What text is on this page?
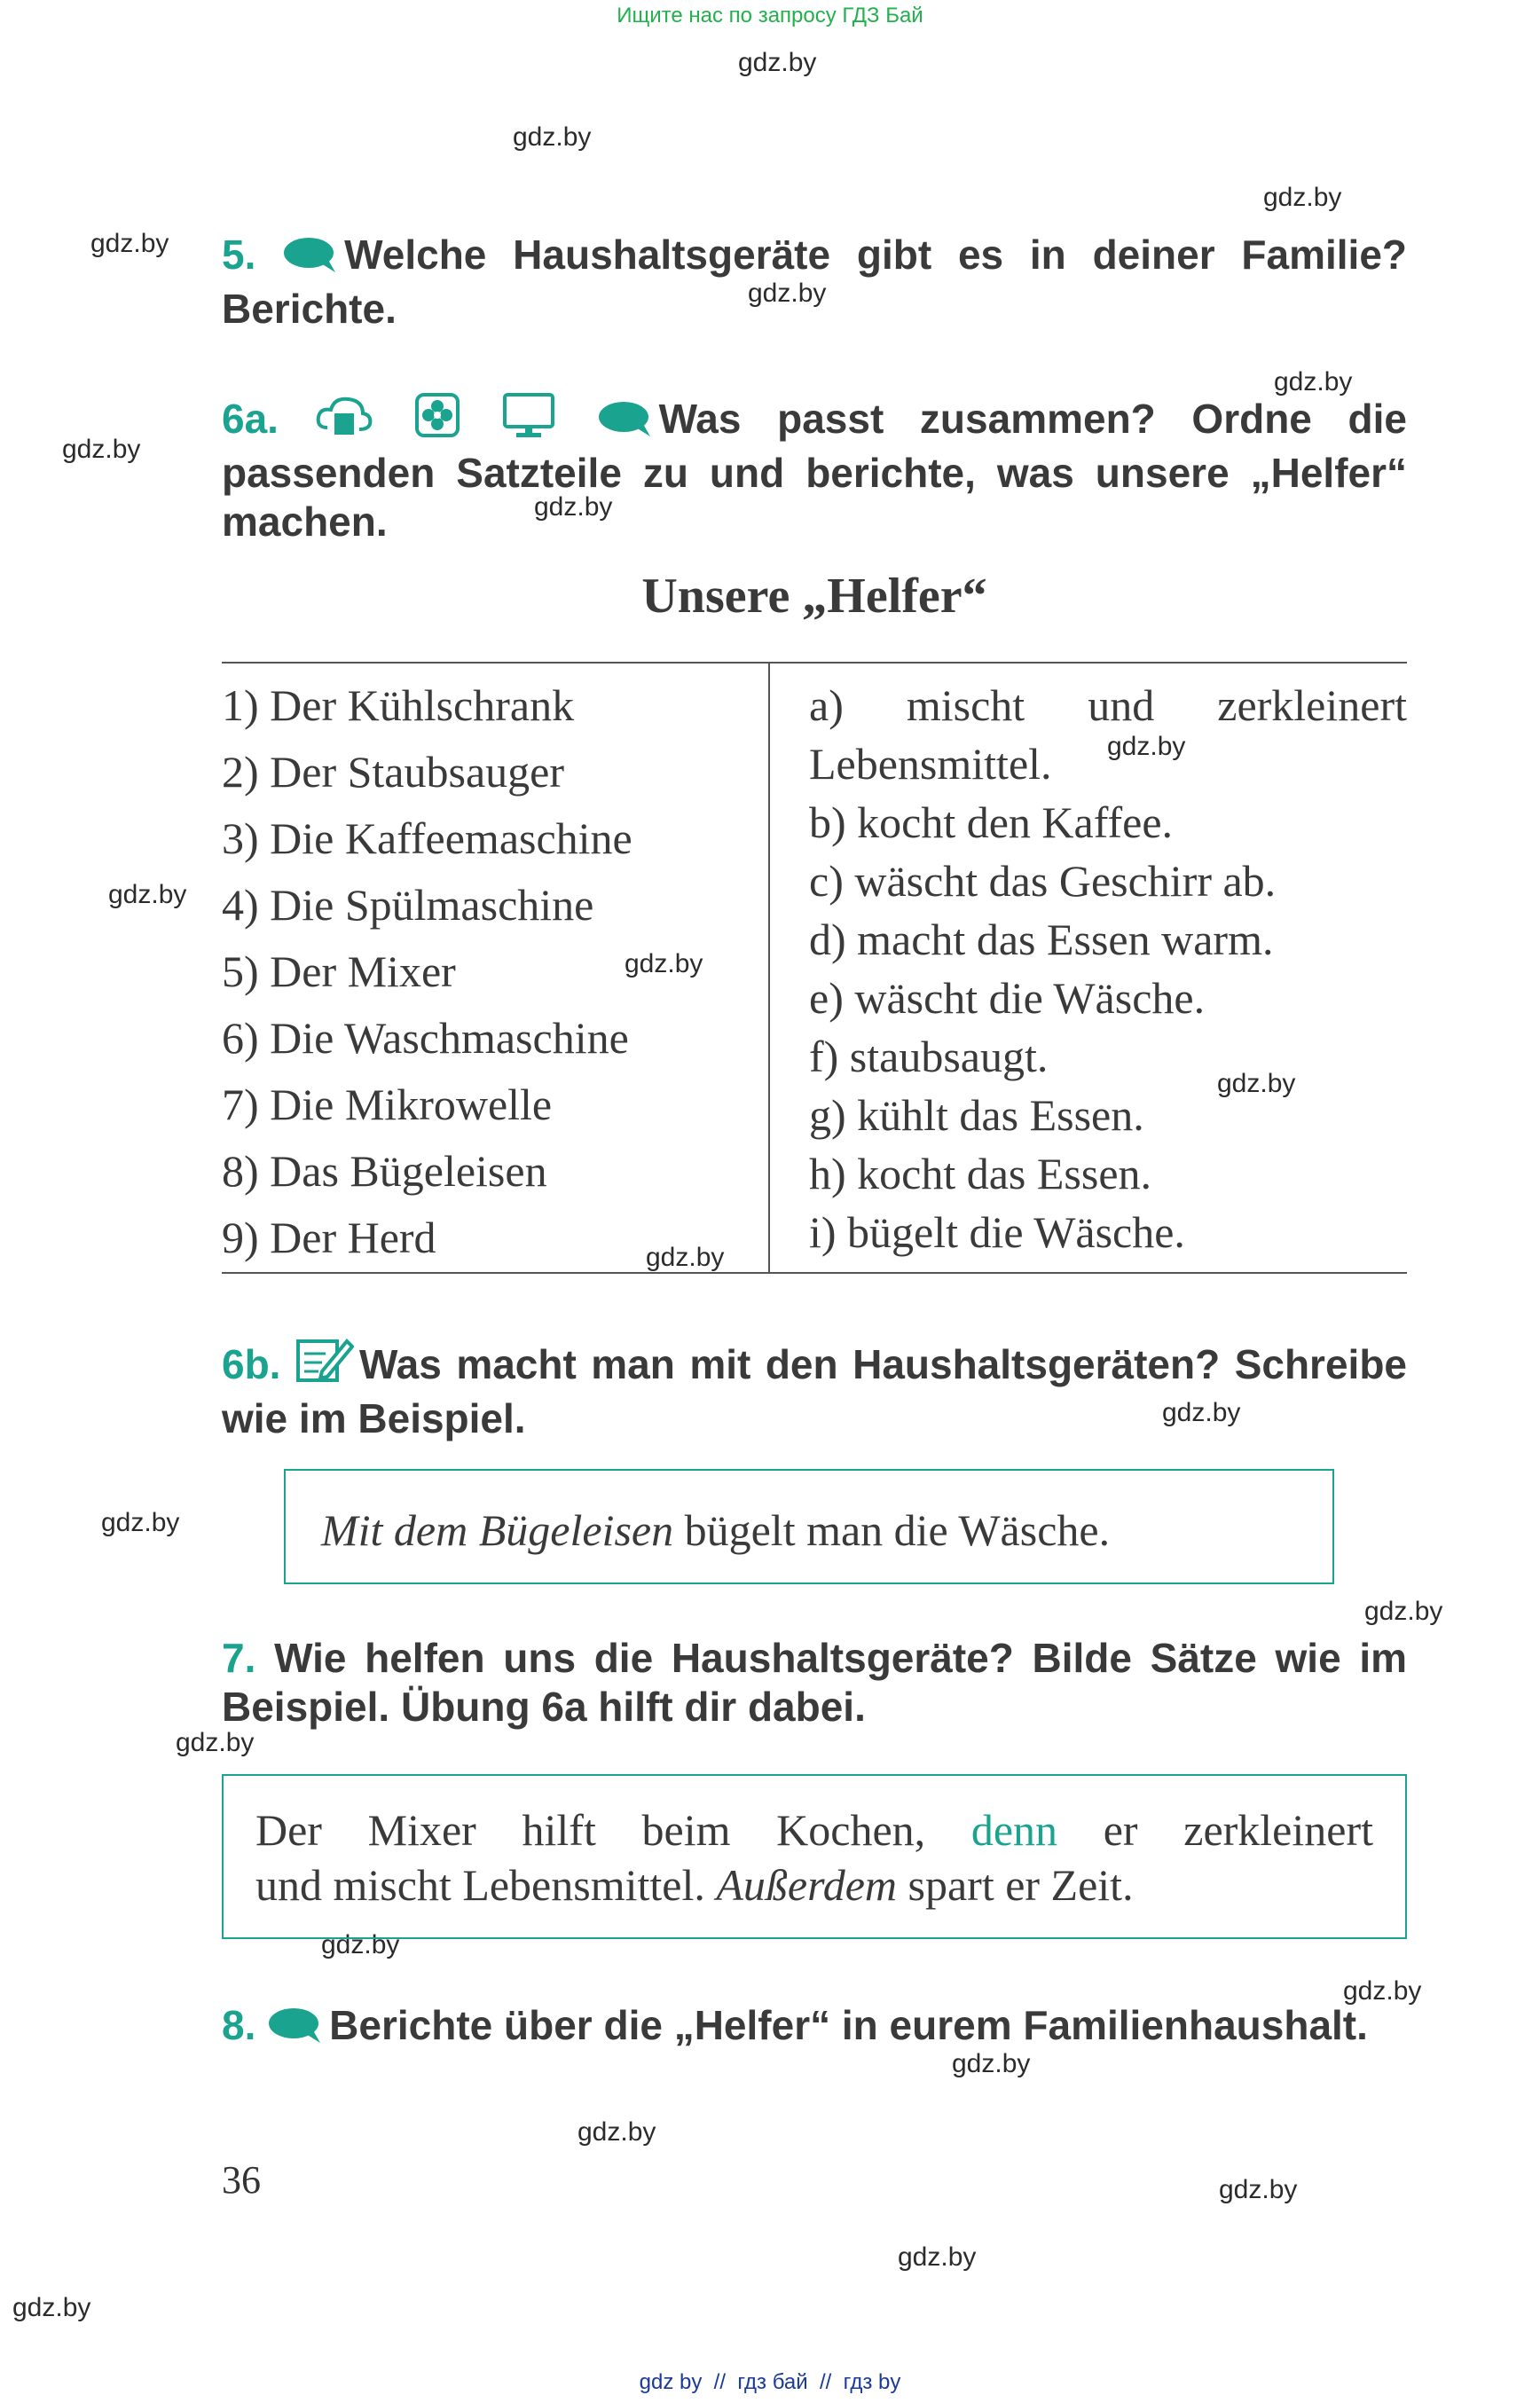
Ищите нас по запросу ГДЗ Бай
gdz.by
gdz.by
gdz.by
gdz.by
gdz.by
gdz.by
gdz.by
gdz.by
gdz.by
gdz.by
gdz.by
gdz.by
gdz.by
gdz.by
gdz.by
gdz.by
gdz.by
gdz.by
gdz.by
gdz.by
gdz.by
gdz.by
gdz.by
gdz.by
5. Welche Haushaltsgeräte gibt es in deiner Familie? Berichte.
6a.	Was passt zusammen? Ordne die passenden Satzteile zu und berichte, was unsere „Helfer“ machen.
Unsere „Helfer“
1) Der Kühlschrank
2) Der Staubsauger
3) Die Kaffeemaschine
4) Die Spülmaschine
5) Der Mixer
6) Die Waschmaschine
7) Die Mikrowelle
8) Das Bügeleisen
9) Der Herd
a) mischt und zerkleinert
Lebensmittel.
b) kocht den Kaffee.
c) wäscht das Geschirr ab.
d) macht das Essen warm.
e) wäscht die Wäsche.
f) staubsaugt.
g) kühlt das Essen.
h) kocht das Essen.
i) bügelt die Wäsche.
6b. Was macht man mit den Haushaltsgeräten? Schreibe wie im Beispiel.
Mit dem Bügeleisen bügelt man die Wäsche.
7. Wie helfen uns die Haushaltsgeräte? Bilde Sätze wie im Beispiel. Übung 6a hilft dir dabei.
Der Mixer hilft beim Kochen, denn er zerkleinert
und mischt Lebensmittel. Außerdem spart er Zeit.
8. Berichte über die „Helfer“ in eurem Familienhaushalt.
36
gdz by  //  гдз бай  //  гдз by
